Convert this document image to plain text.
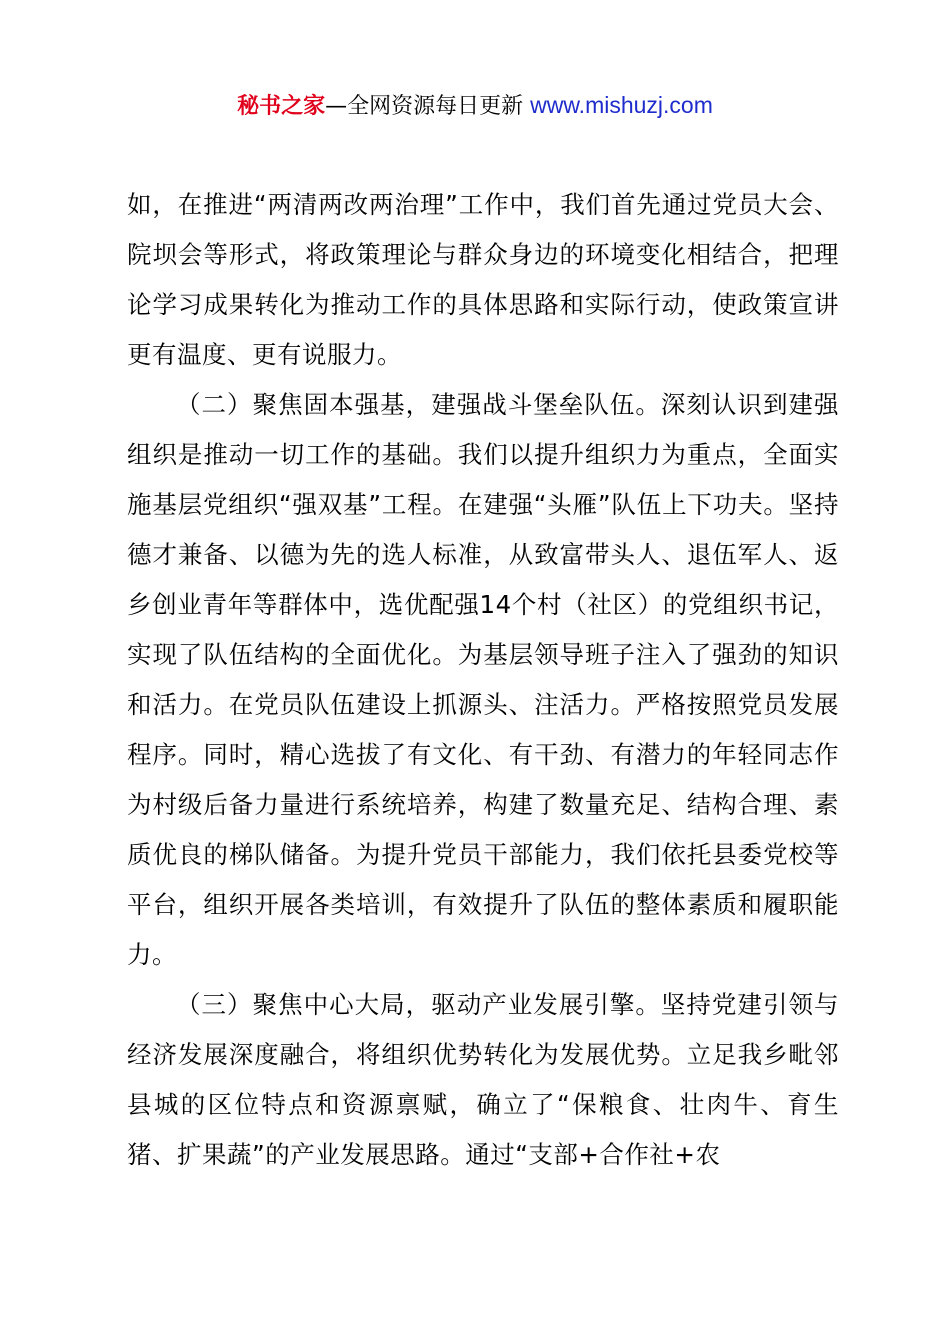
秘书之家—全网资源每日更新 www.mishuzj.com

如，在推进“两清两改两治理”工作中，我们首先通过党员大会、院坝会等形式，将政策理论与群众身边的环境变化相结合，把理论学习成果转化为推动工作的具体思路和实际行动，使政策宣讲更有温度、更有说服力。

（二）聚焦固本强基，建强战斗堡垒队伍。深刻认识到建强组织是推动一切工作的基础。我们以提升组织力为重点，全面实施基层党组织“强双基”工程。在建强“头雁”队伍上下功夫。坚持德才兼备、以德为先的选人标准，从致富带头人、退伍军人、返乡创业青年等群体中，选优配强14个村（社区）的党组织书记，实现了队伍结构的全面优化。为基层领导班子注入了强劲的知识和活力。在党员队伍建设上抓源头、注活力。严格按照党员发展程序。同时，精心选拔了有文化、有干劲、有潜力的年轻同志作为村级后备力量进行系统培养，构建了数量充足、结构合理、素质优良的梯队储备。为提升党员干部能力，我们依托县委党校等平台，组织开展各类培训，有效提升了队伍的整体素质和履职能力。

（三）聚焦中心大局，驱动产业发展引擎。坚持党建引领与经济发展深度融合，将组织优势转化为发展优势。立足我乡毗邻县城的区位特点和资源禀赋，确立了“保粮食、壮肉牛、育生猪、扩果蔬”的产业发展思路。通过“支部+合作社+农
